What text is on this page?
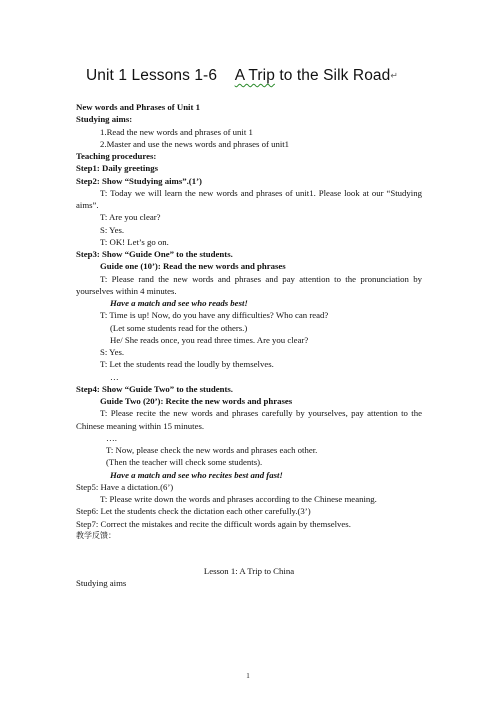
Unit 1 Lessons 1-6 A Trip to the Silk Road↵

New words and Phrases of Unit 1

Studying aims:

1.Read the new words and phrases of unit 1

2.Master and use the news words and phrases of unit1

Teaching procedures:

Step1: Daily greetings

Step2: Show “Studying aims”.(1’)

T: Today we will learn the new words and phrases of unit1. Please look at our “Studying aims”.

T: Are you clear?

S: Yes.

T: OK! Let’s go on.

Step3: Show “Guide One” to the students.

Guide one (10’): Read the new words and phrases

T: Please rand the new words and phrases and pay attention to the pronunciation by yourselves within 4 minutes.

Have a match and see who reads best!

T: Time is up! Now, do you have any difficulties? Who can read?

(Let some students read for the others.)

He/ She reads once, you read three times. Are you clear?

S: Yes.

T: Let the students read the loudly by themselves.

…

Step4: Show “Guide Two” to the students.

Guide Two (20’): Recite the new words and phrases

T: Please recite the new words and phrases carefully by yourselves, pay attention to the Chinese meaning within 15 minutes.

….

T: Now, please check the new words and phrases each other.

(Then the teacher will check some students).

Have a match and see who recites best and fast!

Step5: Have a dictation.(6’)

T: Please write down the words and phrases according to the Chinese meaning.

Step6: Let the students check the dictation each other carefully.(3’)

Step7: Correct the mistakes and recite the difficult words again by themselves.

教学反馈：

Lesson 1: A Trip to China

Studying aims

1
